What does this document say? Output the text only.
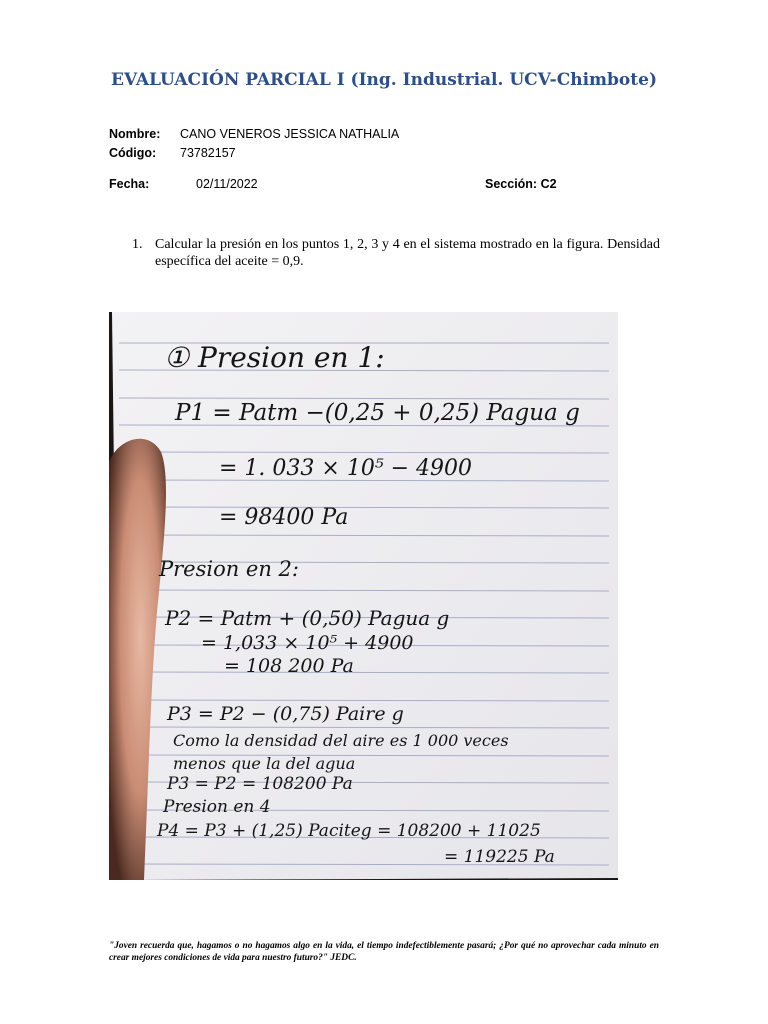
EVALUACIÓN PARCIAL I (Ing. Industrial. UCV-Chimbote)
Nombre: CANO VENEROS JESSICA NATHALIA
Código: 73782157
Fecha:	02/11/2022	Sección: C2
1. Calcular la presión en los puntos 1, 2, 3 y 4 en el sistema mostrado en la figura. Densidad específica del aceite = 0,9.
① Presion en 1:
P1 = Patm −(0,25 + 0,25) Pagua g
= 1. 033 × 10⁵ − 4900
= 98400 Pa
Presion en 2:
P2 = Patm + (0,50) Pagua g
= 1,033 × 10⁵ + 4900
= 108 200 Pa
P3 = P2 − (0,75) Paire g
Como la densidad del aire es 1 000 veces
menos que la del agua
P3 = P2 = 108200 Pa
Presion en 4
P4 = P3 + (1,25) Paciteg = 108200 + 11025
= 119225 Pa
"Joven recuerda que, hagamos o no hagamos algo en la vida, el tiempo indefectiblemente pasará; ¿Por qué no aprovechar cada minuto en crear mejores condiciones de vida para nuestro futuro?" JEDC.
